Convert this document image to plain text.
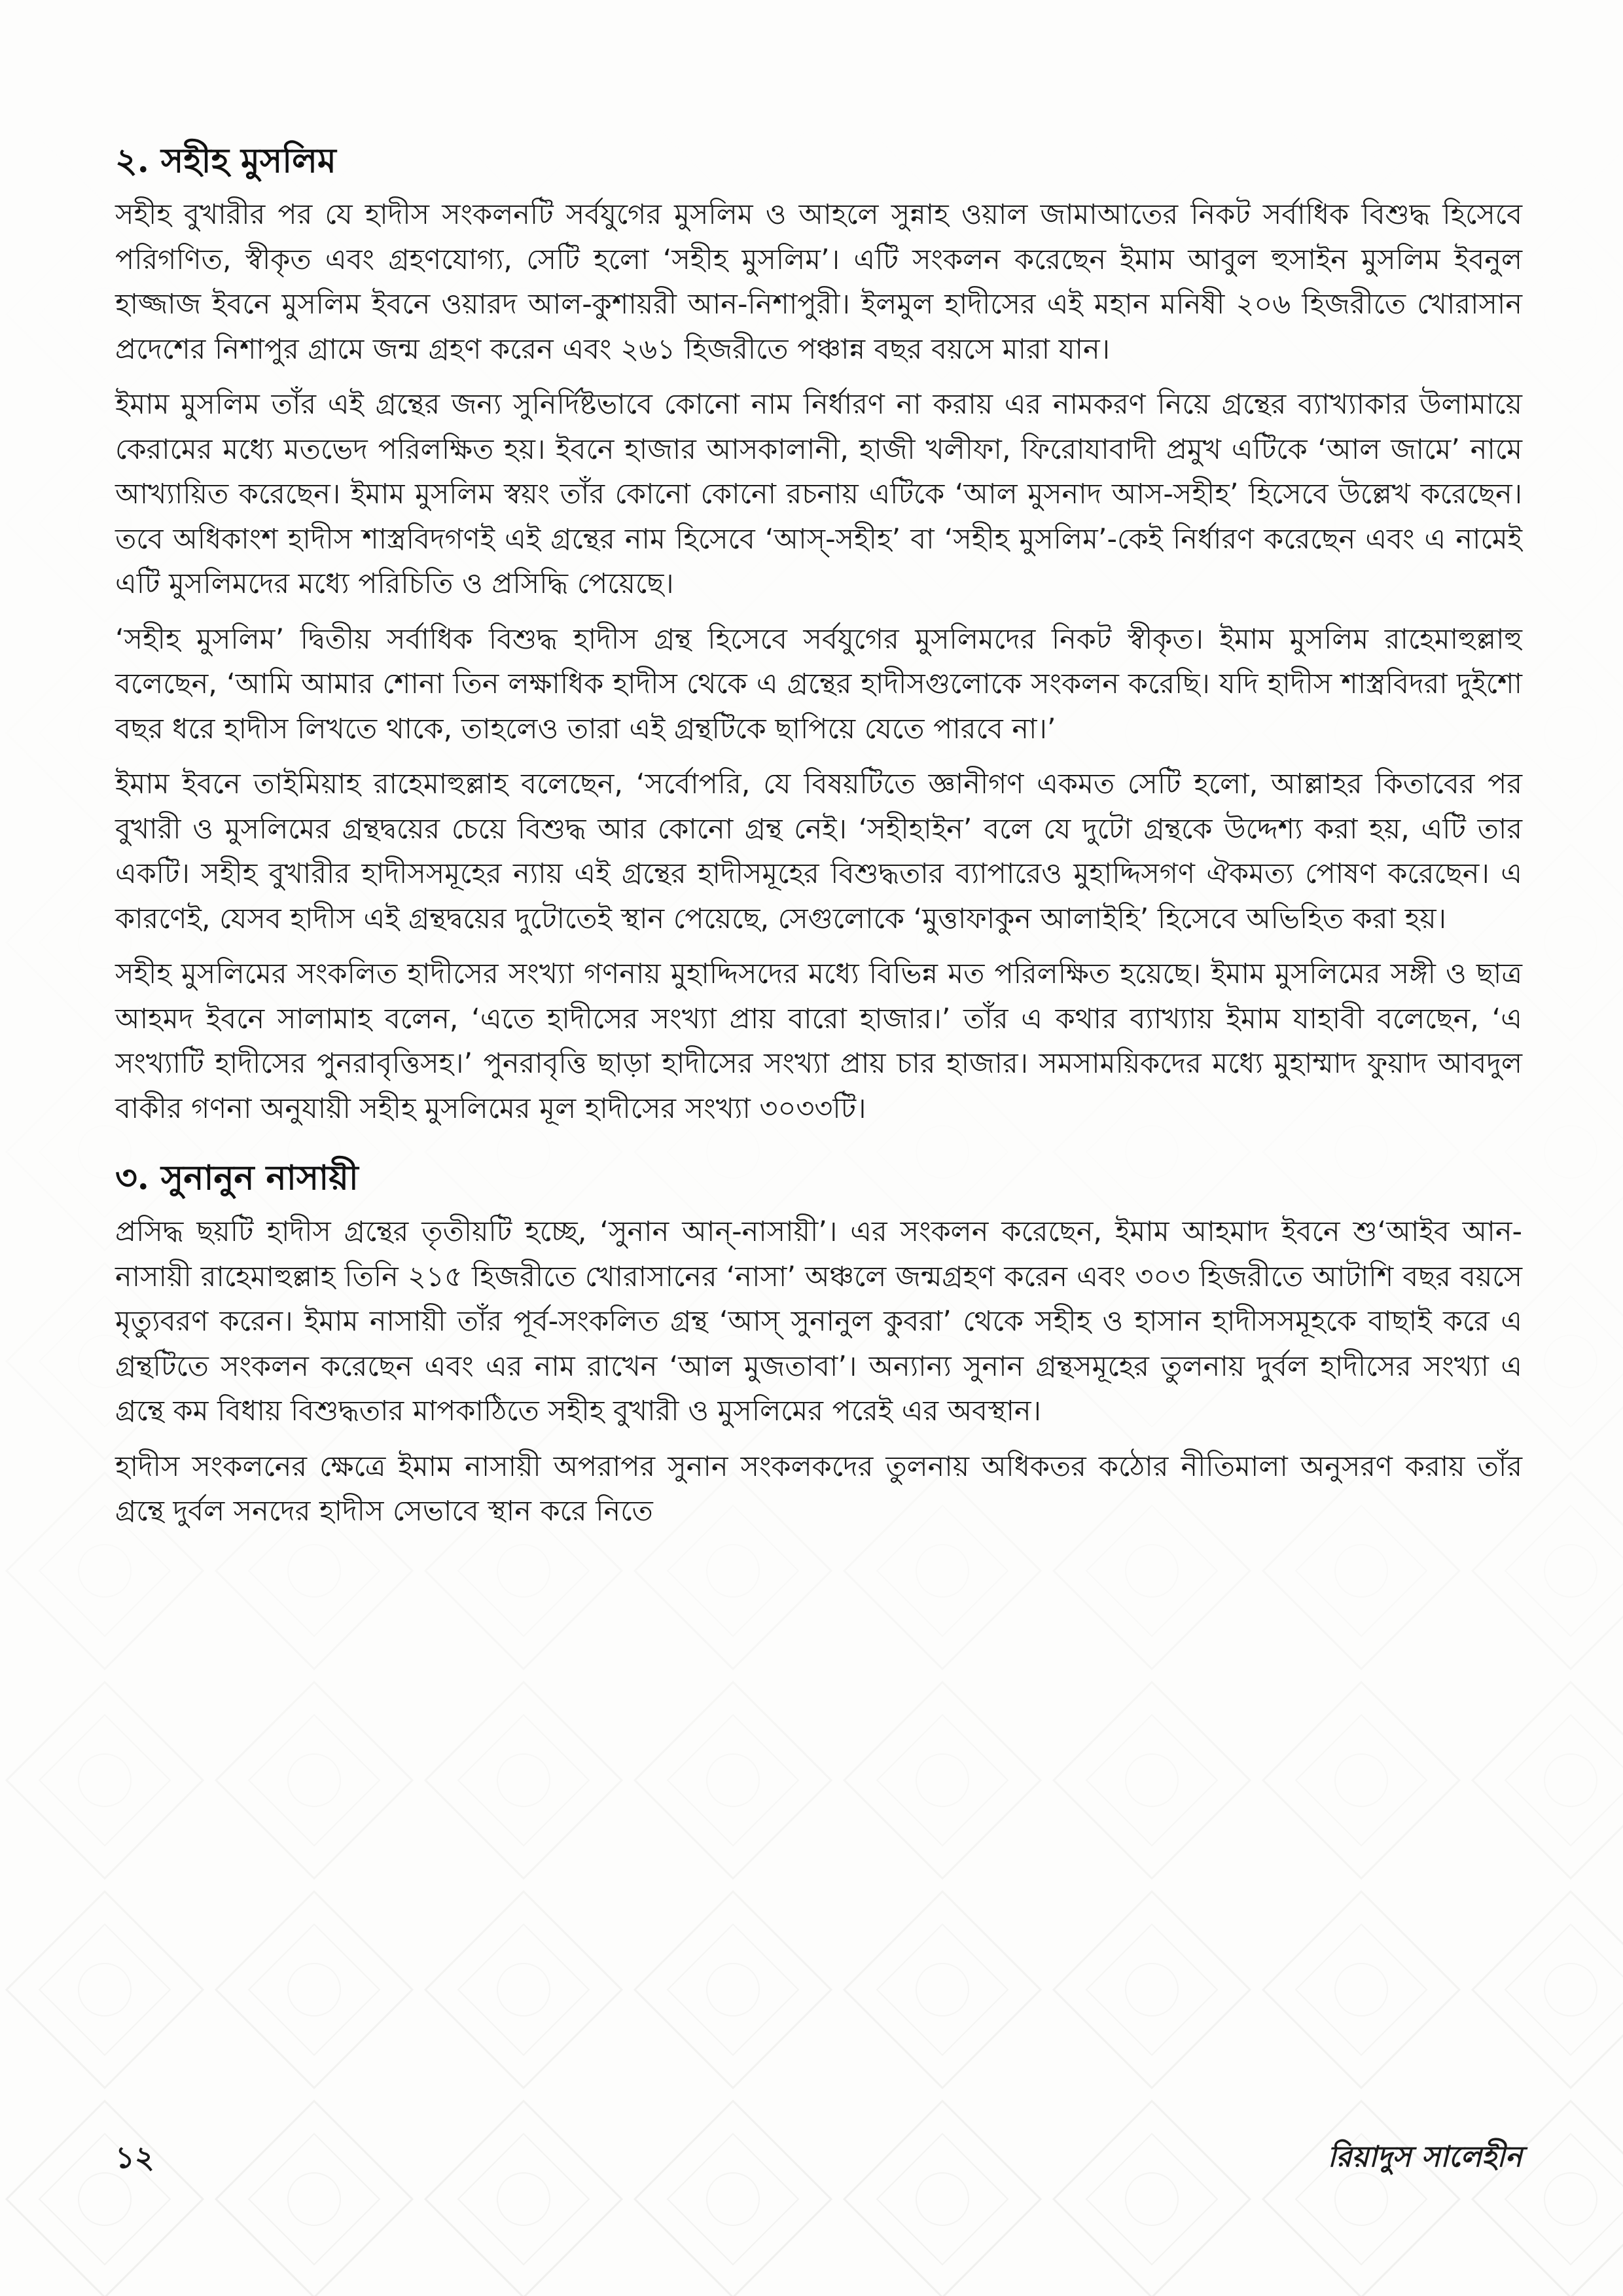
২. সহীহ মুসলিম

সহীহ বুখারীর পর যে হাদীস সংকলনটি সর্বযুগের মুসলিম ও আহলে সুন্নাহ ওয়াল জামাআতের নিকট সর্বাধিক বিশুদ্ধ হিসেবে পরিগণিত, স্বীকৃত এবং গ্রহণযোগ্য, সেটি হলো ‘সহীহ মুসলিম’। এটি সংকলন করেছেন ইমাম আবুল হুসাইন মুসলিম ইবনুল হাজ্জাজ ইবনে মুসলিম ইবনে ওয়ারদ আল-কুশায়রী আন-নিশাপুরী। ইলমুল হাদীসের এই মহান মনিষী ২০৬ হিজরীতে খোরাসান প্রদেশের নিশাপুর গ্রামে জন্ম গ্রহণ করেন এবং ২৬১ হিজরীতে পঞ্চান্ন বছর বয়সে মারা যান।

ইমাম মুসলিম তাঁর এই গ্রন্থের জন্য সুনির্দিষ্টভাবে কোনো নাম নির্ধারণ না করায় এর নামকরণ নিয়ে গ্রন্থের ব্যাখ্যাকার উলামায়ে কেরামের মধ্যে মতভেদ পরিলক্ষিত হয়। ইবনে হাজার আসকালানী, হাজী খলীফা, ফিরোযাবাদী প্রমুখ এটিকে ‘আল জামে’ নামে আখ্যায়িত করেছেন। ইমাম মুসলিম স্বয়ং তাঁর কোনো কোনো রচনায় এটিকে ‘আল মুসনাদ আস-সহীহ’ হিসেবে উল্লেখ করেছেন। তবে অধিকাংশ হাদীস শাস্ত্রবিদগণই এই গ্রন্থের নাম হিসেবে ‘আস্-সহীহ’ বা ‘সহীহ মুসলিম’-কেই নির্ধারণ করেছেন এবং এ নামেই এটি মুসলিমদের মধ্যে পরিচিতি ও প্রসিদ্ধি পেয়েছে।

‘সহীহ মুসলিম’ দ্বিতীয় সর্বাধিক বিশুদ্ধ হাদীস গ্রন্থ হিসেবে সর্বযুগের মুসলিমদের নিকট স্বীকৃত। ইমাম মুসলিম রাহেমাহুল্লাহু বলেছেন, ‘আমি আমার শোনা তিন লক্ষাধিক হাদীস থেকে এ গ্রন্থের হাদীসগুলোকে সংকলন করেছি। যদি হাদীস শাস্ত্রবিদরা দুইশো বছর ধরে হাদীস লিখতে থাকে, তাহলেও তারা এই গ্রন্থটিকে ছাপিয়ে যেতে পারবে না।’

ইমাম ইবনে তাইমিয়াহ রাহেমাহুল্লাহ বলেছেন, ‘সর্বোপরি, যে বিষয়টিতে জ্ঞানীগণ একমত সেটি হলো, আল্লাহর কিতাবের পর বুখারী ও মুসলিমের গ্রন্থদ্বয়ের চেয়ে বিশুদ্ধ আর কোনো গ্রন্থ নেই। ‘সহীহাইন’ বলে যে দুটো গ্রন্থকে উদ্দেশ্য করা হয়, এটি তার একটি। সহীহ বুখারীর হাদীসসমূহের ন্যায় এই গ্রন্থের হাদীসমূহের বিশুদ্ধতার ব্যাপারেও মুহাদ্দিসগণ ঐকমত্য পোষণ করেছেন। এ কারণেই, যেসব হাদীস এই গ্রন্থদ্বয়ের দুটোতেই স্থান পেয়েছে, সেগুলোকে ‘মুত্তাফাকুন আলাইহি’ হিসেবে অভিহিত করা হয়।

সহীহ মুসলিমের সংকলিত হাদীসের সংখ্যা গণনায় মুহাদ্দিসদের মধ্যে বিভিন্ন মত পরিলক্ষিত হয়েছে। ইমাম মুসলিমের সঙ্গী ও ছাত্র আহমদ ইবনে সালামাহ বলেন, ‘এতে হাদীসের সংখ্যা প্রায় বারো হাজার।’ তাঁর এ কথার ব্যাখ্যায় ইমাম যাহাবী বলেছেন, ‘এ সংখ্যাটি হাদীসের পুনরাবৃত্তিসহ।’ পুনরাবৃত্তি ছাড়া হাদীসের সংখ্যা প্রায় চার হাজার। সমসাময়িকদের মধ্যে মুহাম্মাদ ফুয়াদ আবদুল বাকীর গণনা অনুযায়ী সহীহ মুসলিমের মূল হাদীসের সংখ্যা ৩০৩৩টি।

৩. সুনানুন নাসায়ী

প্রসিদ্ধ ছয়টি হাদীস গ্রন্থের তৃতীয়টি হচ্ছে, ‘সুনান আন্-নাসায়ী’। এর সংকলন করেছেন, ইমাম আহমাদ ইবনে শু‘আইব আন-নাসায়ী রাহেমাহুল্লাহ তিনি ২১৫ হিজরীতে খোরাসানের ‘নাসা’ অঞ্চলে জন্মগ্রহণ করেন এবং ৩০৩ হিজরীতে আটাশি বছর বয়সে মৃত্যুবরণ করেন। ইমাম নাসায়ী তাঁর পূর্ব-সংকলিত গ্রন্থ ‘আস্ সুনানুল কুবরা’ থেকে সহীহ ও হাসান হাদীসসমূহকে বাছাই করে এ গ্রন্থটিতে সংকলন করেছেন এবং এর নাম রাখেন ‘আল মুজতাবা’। অন্যান্য সুনান গ্রন্থসমূহের তুলনায় দুর্বল হাদীসের সংখ্যা এ গ্রন্থে কম বিধায় বিশুদ্ধতার মাপকাঠিতে সহীহ বুখারী ও মুসলিমের পরেই এর অবস্থান।

হাদীস সংকলনের ক্ষেত্রে ইমাম নাসায়ী অপরাপর সুনান সংকলকদের তুলনায় অধিকতর কঠোর নীতিমালা অনুসরণ করায় তাঁর গ্রন্থে দুর্বল সনদের হাদীস সেভাবে স্থান করে নিতে

১২	রিয়াদুস সালেহীন
